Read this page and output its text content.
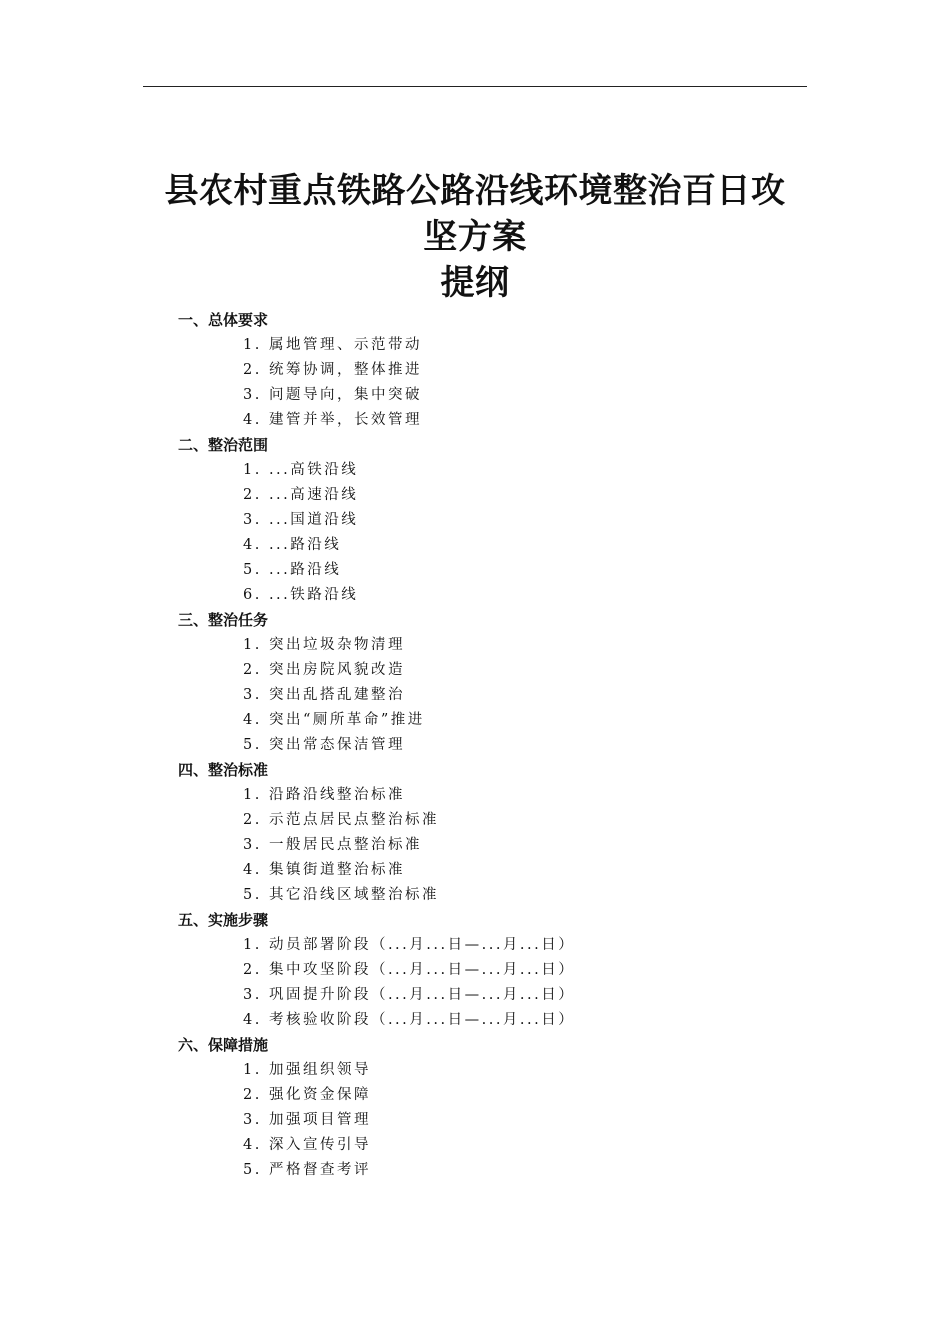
县农村重点铁路公路沿线环境整治百日攻
坚方案
提纲
一、总体要求
1. 属地管理、示范带动
2. 统筹协调，整体推进
3. 问题导向，集中突破
4. 建管并举，长效管理
二、整治范围
1. ...高铁沿线
2. ...高速沿线
3. ...国道沿线
4. ...路沿线
5. ...路沿线
6. ...铁路沿线
三、整治任务
1. 突出垃圾杂物清理
2. 突出房院风貌改造
3. 突出乱搭乱建整治
4. 突出“厕所革命”推进
5. 突出常态保洁管理
四、整治标准
1. 沿路沿线整治标准
2. 示范点居民点整治标准
3. 一般居民点整治标准
4. 集镇街道整治标准
5. 其它沿线区域整治标准
五、实施步骤
1. 动员部署阶段（...月...日—...月...日）
2. 集中攻坚阶段（...月...日—...月...日）
3. 巩固提升阶段（...月...日—...月...日）
4. 考核验收阶段（...月...日—...月...日）
六、保障措施
1. 加强组织领导
2. 强化资金保障
3. 加强项目管理
4. 深入宣传引导
5. 严格督查考评
